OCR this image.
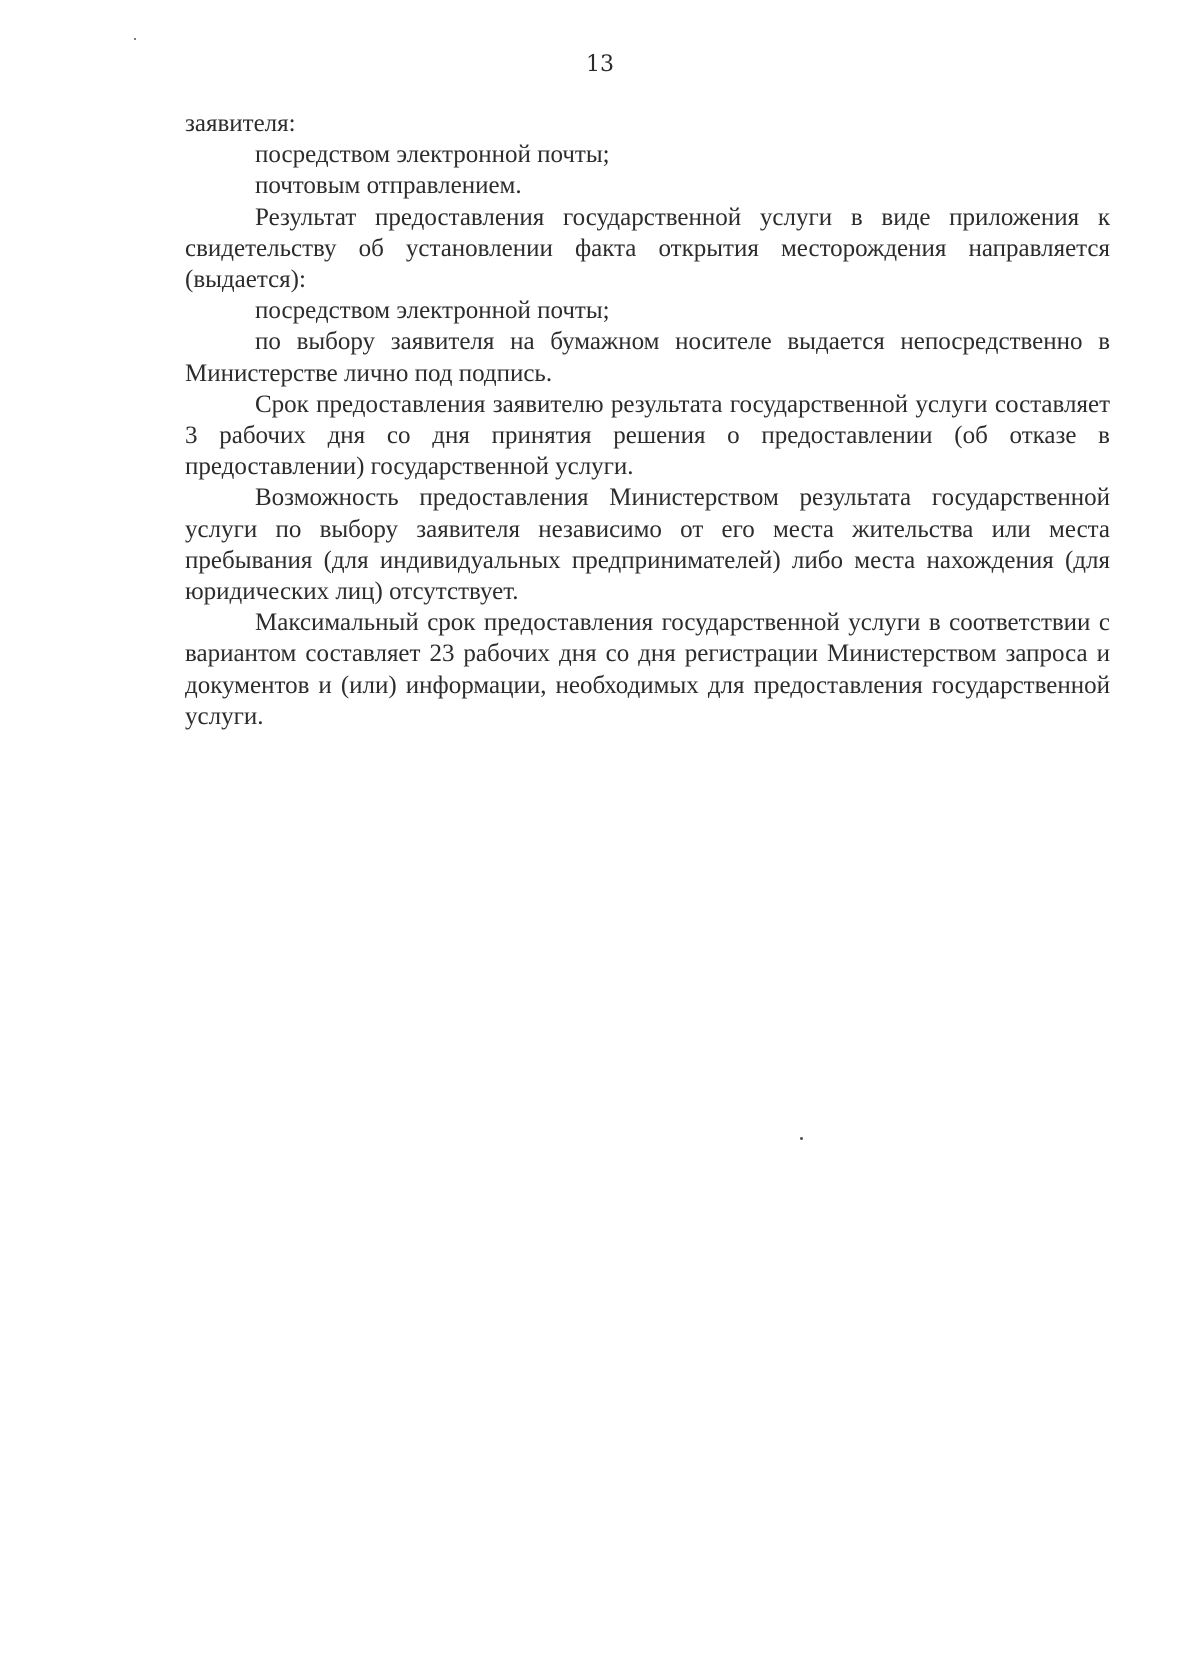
13

заявителя:

посредством электронной почты;

почтовым отправлением.

Результат предоставления государственной услуги в виде приложения к свидетельству об установлении факта открытия месторождения направляется (выдается):

посредством электронной почты;

по выбору заявителя на бумажном носителе выдается непосредственно в Министерстве лично под подпись.

Срок предоставления заявителю результата государственной услуги составляет 3 рабочих дня со дня принятия решения о предоставлении (об отказе в предоставлении) государственной услуги.

Возможность предоставления Министерством результата государственной услуги по выбору заявителя независимо от его места жительства или места пребывания (для индивидуальных предпринимателей) либо места нахождения (для юридических лиц) отсутствует.

Максимальный срок предоставления государственной услуги в соответствии с вариантом составляет 23 рабочих дня со дня регистрации Министерством запроса и документов и (или) информации, необходимых для предоставления государственной услуги.
